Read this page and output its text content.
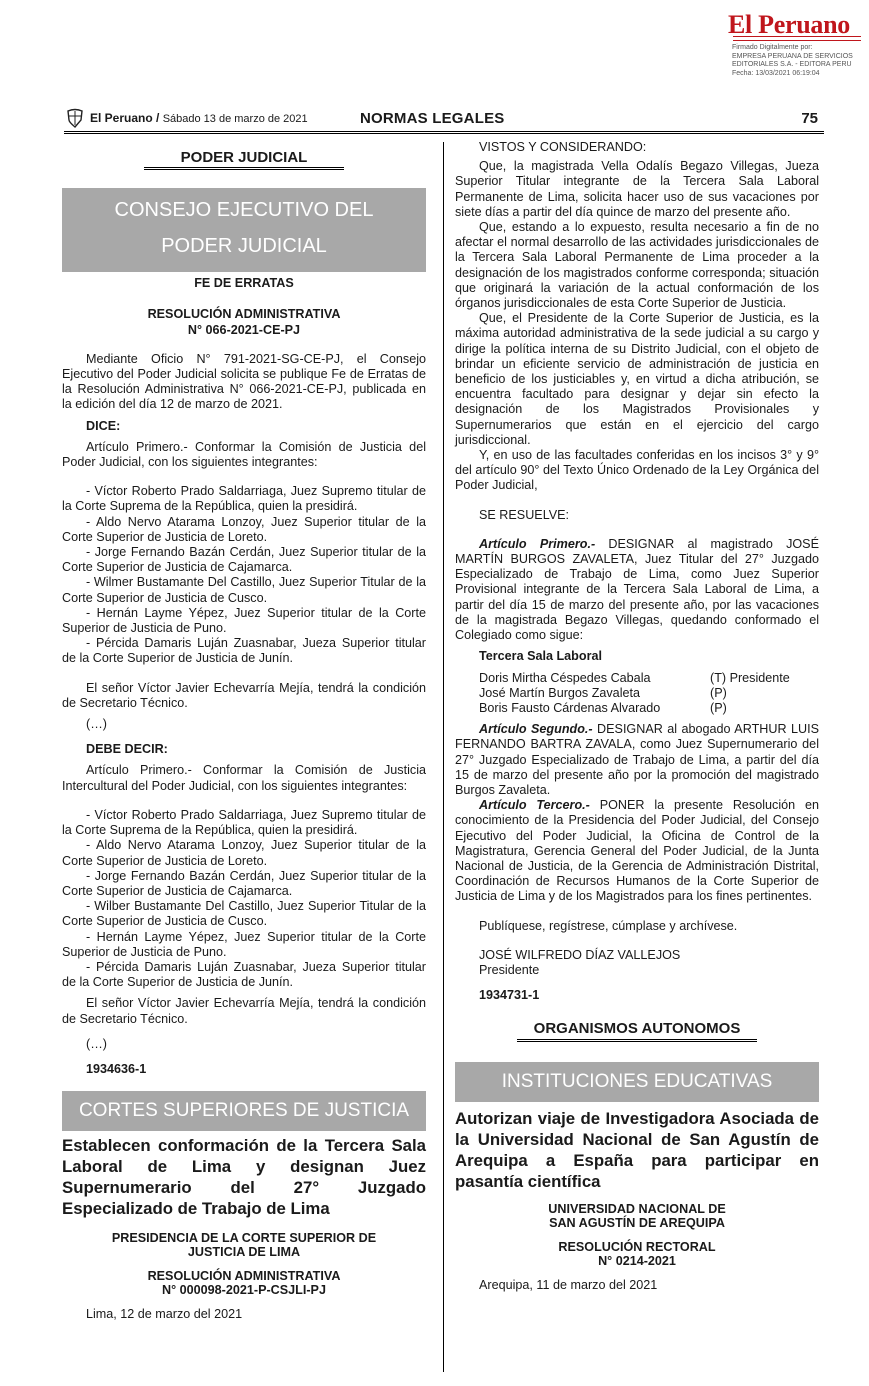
El Peruano
Firmado Digitalmente por:
EMPRESA PERUANA DE SERVICIOS
EDITORIALES S.A. - EDITORA PERU
Fecha: 13/03/2021 06:19:04
El Peruano / Sábado 13 de marzo de 2021	NORMAS LEGALES	75
PODER JUDICIAL
CONSEJO EJECUTIVO DEL
PODER JUDICIAL

FE DE ERRATAS

RESOLUCIÓN ADMINISTRATIVA

N° 066-2021-CE-PJ

Mediante Oficio N° 791-2021-SG-CE-PJ, el Consejo Ejecutivo del Poder Judicial solicita se publique Fe de Erratas de la Resolución Administrativa N° 066-2021-CE-PJ, publicada en la edición del día 12 de marzo de 2021.

DICE:

Artículo Primero.- Conformar la Comisión de Justicia del Poder Judicial, con los siguientes integrantes:

- Víctor Roberto Prado Saldarriaga, Juez Supremo titular de la Corte Suprema de la República, quien la presidirá.

- Aldo Nervo Atarama Lonzoy, Juez Superior titular de la Corte Superior de Justicia de Loreto.

- Jorge Fernando Bazán Cerdán, Juez Superior titular de la Corte Superior de Justicia de Cajamarca.

- Wilmer Bustamante Del Castillo, Juez Superior Titular de la Corte Superior de Justicia de Cusco.

- Hernán Layme Yépez, Juez Superior titular de la Corte Superior de Justicia de Puno.

- Pércida Damaris Luján Zuasnabar, Jueza Superior titular de la Corte Superior de Justicia de Junín.

El señor Víctor Javier Echevarría Mejía, tendrá la condición de Secretario Técnico.

(…)

DEBE DECIR:

Artículo Primero.- Conformar la Comisión de Justicia Intercultural del Poder Judicial, con los siguientes integrantes:

- Víctor Roberto Prado Saldarriaga, Juez Supremo titular de la Corte Suprema de la República, quien la presidirá.

- Aldo Nervo Atarama Lonzoy, Juez Superior titular de la Corte Superior de Justicia de Loreto.

- Jorge Fernando Bazán Cerdán, Juez Superior titular de la Corte Superior de Justicia de Cajamarca.

- Wilber Bustamante Del Castillo, Juez Superior Titular de la Corte Superior de Justicia de Cusco.

- Hernán Layme Yépez, Juez Superior titular de la Corte Superior de Justicia de Puno.

- Pércida Damaris Luján Zuasnabar, Jueza Superior titular de la Corte Superior de Justicia de Junín.

El señor Víctor Javier Echevarría Mejía, tendrá la condición de Secretario Técnico.

(…)

1934636-1

CORTES SUPERIORES DE JUSTICIA

Establecen conformación de la Tercera Sala Laboral de Lima y designan Juez Supernumerario del 27° Juzgado Especializado de Trabajo de Lima

PRESIDENCIA DE LA CORTE SUPERIOR DE JUSTICIA DE LIMA

RESOLUCIÓN ADMINISTRATIVA

N° 000098-2021-P-CSJLI-PJ

Lima, 12 de marzo del 2021

VISTOS Y CONSIDERANDO:

Que, la magistrada Vella Odalís Begazo Villegas, Jueza Superior Titular integrante de la Tercera Sala Laboral Permanente de Lima, solicita hacer uso de sus vacaciones por siete días a partir del día quince de marzo del presente año.

Que, estando a lo expuesto, resulta necesario a fin de no afectar el normal desarrollo de las actividades jurisdiccionales de la Tercera Sala Laboral Permanente de Lima proceder a la designación de los magistrados conforme corresponda; situación que originará la variación de la actual conformación de los órganos jurisdiccionales de esta Corte Superior de Justicia.

Que, el Presidente de la Corte Superior de Justicia, es la máxima autoridad administrativa de la sede judicial a su cargo y dirige la política interna de su Distrito Judicial, con el objeto de brindar un eficiente servicio de administración de justicia en beneficio de los justiciables y, en virtud a dicha atribución, se encuentra facultado para designar y dejar sin efecto la designación de los Magistrados Provisionales y Supernumerarios que están en el ejercicio del cargo jurisdiccional.

Y, en uso de las facultades conferidas en los incisos 3° y 9° del artículo 90° del Texto Único Ordenado de la Ley Orgánica del Poder Judicial,

SE RESUELVE:

Artículo Primero.- DESIGNAR al magistrado JOSÉ MARTÍN BURGOS ZAVALETA, Juez Titular del 27° Juzgado Especializado de Trabajo de Lima, como Juez Superior Provisional integrante de la Tercera Sala Laboral de Lima, a partir del día 15 de marzo del presente año, por las vacaciones de la magistrada Begazo Villegas, quedando conformado el Colegiado como sigue:

Tercera Sala Laboral

Doris Mirtha Céspedes Cabala	(T) Presidente
José Martín Burgos Zavaleta	(P)
Boris Fausto Cárdenas Alvarado	(P)

Artículo Segundo.- DESIGNAR al abogado ARTHUR LUIS FERNANDO BARTRA ZAVALA, como Juez Supernumerario del 27° Juzgado Especializado de Trabajo de Lima, a partir del día 15 de marzo del presente año por la promoción del magistrado Burgos Zavaleta.

Artículo Tercero.- PONER la presente Resolución en conocimiento de la Presidencia del Poder Judicial, del Consejo Ejecutivo del Poder Judicial, la Oficina de Control de la Magistratura, Gerencia General del Poder Judicial, de la Junta Nacional de Justicia, de la Gerencia de Administración Distrital, Coordinación de Recursos Humanos de la Corte Superior de Justicia de Lima y de los Magistrados para los fines pertinentes.

Publíquese, regístrese, cúmplase y archívese.

JOSÉ WILFREDO DÍAZ VALLEJOS

Presidente

1934731-1

ORGANISMOS AUTONOMOS
INSTITUCIONES EDUCATIVAS

Autorizan viaje de Investigadora Asociada de la Universidad Nacional de San Agustín de Arequipa a España para participar en pasantía científica

UNIVERSIDAD NACIONAL DE

SAN AGUSTÍN DE AREQUIPA

RESOLUCIÓN RECTORAL

N° 0214-2021

Arequipa, 11 de marzo del 2021
